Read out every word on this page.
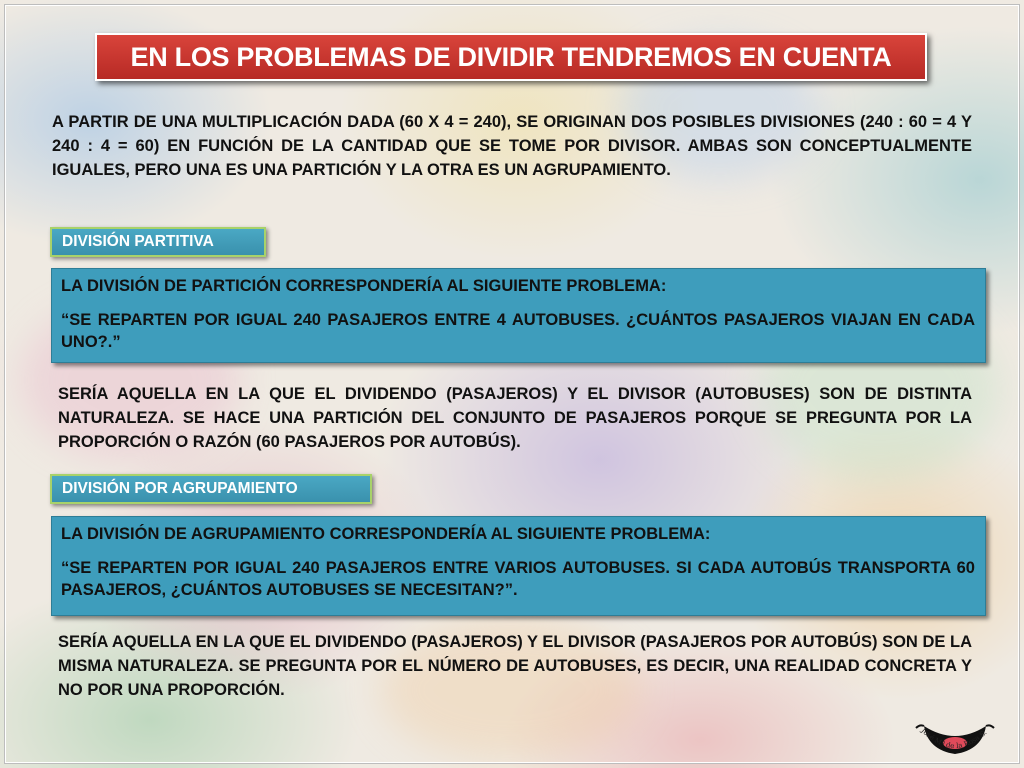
EN LOS PROBLEMAS DE DIVIDIR TENDREMOS EN CUENTA

A PARTIR DE UNA MULTIPLICACIÓN DADA (60 X 4 = 240), SE ORIGINAN DOS POSIBLES DIVISIONES (240 : 60 = 4 Y 240 : 4 = 60) EN FUNCIÓN DE LA CANTIDAD QUE SE TOME POR DIVISOR. AMBAS SON CONCEPTUALMENTE IGUALES, PERO UNA ES UNA PARTICIÓN Y LA OTRA ES UN AGRUPAMIENTO.

DIVISIÓN PARTITIVA

LA DIVISIÓN DE PARTICIÓN CORRESPONDERÍA AL SIGUIENTE PROBLEMA:

“SE REPARTEN POR IGUAL 240 PASAJEROS ENTRE 4 AUTOBUSES. ¿CUÁNTOS PASAJEROS VIAJAN EN CADA UNO?.”

SERÍA AQUELLA EN LA QUE EL DIVIDENDO (PASAJEROS) Y EL DIVISOR (AUTOBUSES) SON DE DISTINTA NATURALEZA. SE HACE UNA PARTICIÓN DEL CONJUNTO DE PASAJEROS PORQUE SE PREGUNTA POR LA PROPORCIÓN O RAZÓN (60 PASAJEROS POR AUTOBÚS).

DIVISIÓN POR AGRUPAMIENTO

LA DIVISIÓN DE AGRUPAMIENTO CORRESPONDERÍA AL SIGUIENTE PROBLEMA:

“SE REPARTEN POR IGUAL 240 PASAJEROS ENTRE VARIOS AUTOBUSES. SI CADA AUTOBÚS TRANSPORTA 60 PASAJEROS, ¿CUÁNTOS AUTOBUSES SE NECESITAN?”.

SERÍA AQUELLA EN LA QUE EL DIVIDENDO (PASAJEROS) Y EL DIVISOR (PASAJEROS POR AUTOBÚS) SON DE LA MISMA NATURALEZA. SE PREGUNTA POR EL NÚMERO DE AUTOBUSES, ES DECIR, UNA REALIDAD CONCRETA Y NO POR UNA PROPORCIÓN.

José Mª de la Rosa S.
